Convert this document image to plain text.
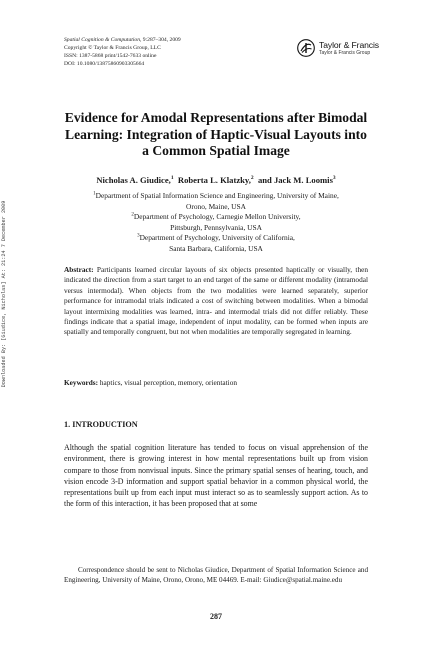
Spatial Cognition & Computation, 9:287–304, 2009
Copyright © Taylor & Francis Group, LLC
ISSN: 1387-5868 print/1542-7633 online
DOI: 10.1080/13875860903305664
Taylor & Francis
Taylor & Francis Group
Downloaded By: [Giudice, Nicholas] At: 21:24 7 December 2009
Evidence for Amodal Representations after Bimodal Learning: Integration of Haptic-Visual Layouts into a Common Spatial Image
Nicholas A. Giudice,$^1$ Roberta L. Klatzky,$^2$ and Jack M. Loomis$^3$
$^1$Department of Spatial Information Science and Engineering, University of Maine,
Orono, Maine, USA
$^2$Department of Psychology, Carnegie Mellon University,
Pittsburgh, Pennsylvania, USA
$^3$Department of Psychology, University of California,
Santa Barbara, California, USA
Abstract: Participants learned circular layouts of six objects presented haptically or visually, then indicated the direction from a start target to an end target of the same or different modality (intramodal versus intermodal). When objects from the two modalities were learned separately, superior performance for intramodal trials indicated a cost of switching between modalities. When a bimodal layout intermixing modalities was learned, intra- and intermodal trials did not differ reliably. These findings indicate that a spatial image, independent of input modality, can be formed when inputs are spatially and temporally congruent, but not when modalities are temporally segregated in learning.
Keywords: haptics, visual perception, memory, orientation
1. INTRODUCTION
Although the spatial cognition literature has tended to focus on visual apprehension of the environment, there is growing interest in how mental representations built up from vision compare to those from nonvisual inputs. Since the primary spatial senses of hearing, touch, and vision encode 3-D information and support spatial behavior in a common physical world, the representations built up from each input must interact so as to seamlessly support action. As to the form of this interaction, it has been proposed that at some
Correspondence should be sent to Nicholas Giudice, Department of Spatial Information Science and Engineering, University of Maine, Orono, Orono, ME 04469. E-mail: Giudice@spatial.maine.edu
287
